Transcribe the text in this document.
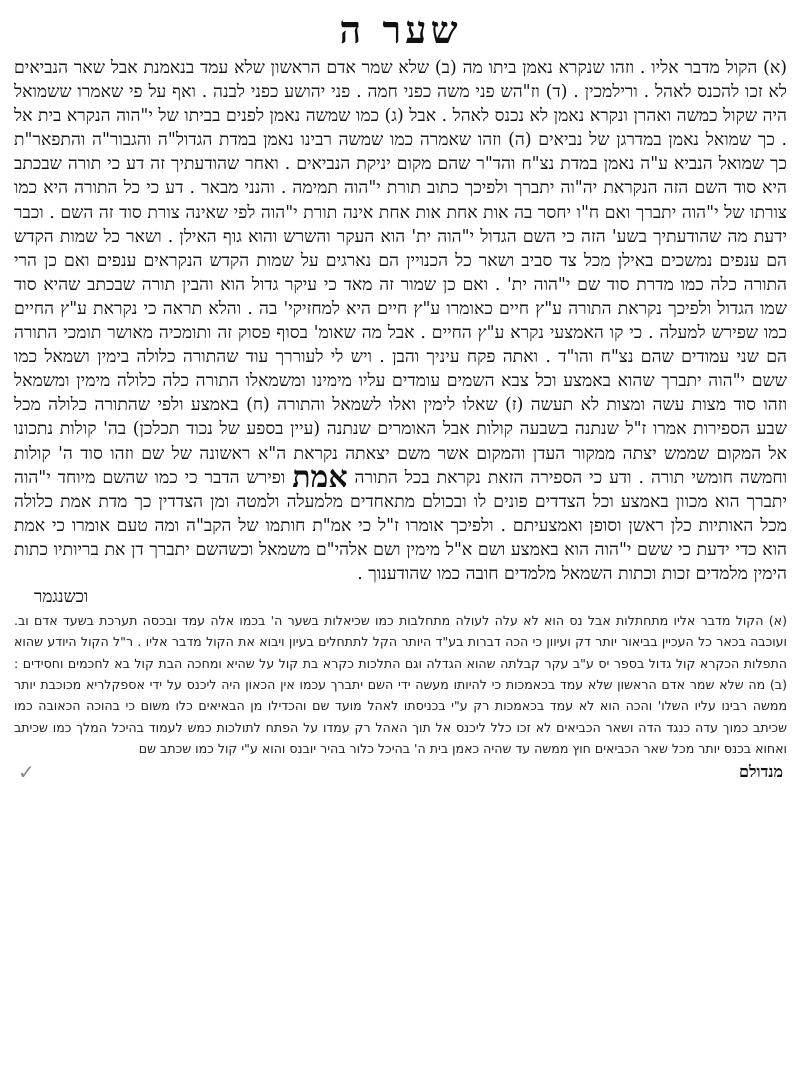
שער ה

(א) הקול מדבר אליו . וזהו שנקרא נאמן ביתו מה (ב) שלא שמר אדם הראשון שלא עמד בנאמנת אבל שאר הנביאים לא זכו להכנס לאהל . ורילמכין . (ד) וז"הש פני משה כפני חמה . פני יהושע כפני לבנה . ואף על פי שאמרו ששמואל היה שקול כמשה ואהרן ונקרא נאמן לא נכנס לאהל . אבל (ג) כמו שמשה נאמן לפנים בביתו של י"הוה הנקרא בית אל . כך שמואל נאמן במדרגן של נביאים (ה) וזהו שאמרה כמו שמשה רבינו נאמן במדת הגדול"ה והגבור"ה והתפאר"ת כך שמואל הנביא ע"ה נאמן במדת נצ"ח והד"ר שהם מקום יניקת הנביאים . ואחר שהודעתיך זה דע כי תורה שבכתב היא סוד השם הזה הנקראת יה"וה יתברך ולפיכך כתוב תורת י"הוה תמימה . והנני מבאר . דע כי כל התורה היא כמו צורתו של י"הוה יתברך ואם ח"ו יחסר בה אות אחת אות אחת אינה תורת י"הוה לפי שאינה צורת סוד זה השם . וכבר ידעת מה שהודעתיך בשע' הזה כי השם הגדול י"הוה ית' הוא העקר והשרש והוא גוף האילן . ושאר כל שמות הקדש הם ענפים נמשכים באילן מכל צד סביב ושאר כל הכנויין הם נארגים על שמות הקדש הנקראים ענפים ואם כן הרי התורה כלה כמו מדרת סוד שם י"הוה ית' . ואם כן שמור זה מאד כי עיקר גדול הוא והבין תורה שבכתב שהיא סוד שמו הגדול ולפיכך נקראת התורה ע"ץ חיים כאומרו ע"ץ חיים היא למחזיקי' בה . והלא תראה כי נקראת ע"ץ החיים כמו שפירש למעלה . כי קו האמצעי נקרא ע"ץ החיים . אבל מה שאומ' בסוף פסוק זה ותומכיה מאושר תומכי התורה הם שני עמודים שהם נצ"ח והו"ד . ואתה פקח עיניך והבן . ויש לי לעוררך עוד שהתורה כלולה בימין ושמאל כמו ששם י"הוה יתברך שהוא באמצע וכל צבא השמים עומדים עליו מימינו ומשמאלו התורה כלה כלולה מימין ומשמאל וזהו סוד מצות עשה ומצות לא תעשה (ז) שאלו לימין ואלו לשמאל והתורה (ח) באמצע ולפי שהתורה כלולה מכל שבע הספירות אמרו ז"ל שנתנה בשבעה קולות אבל האומרים שנתנה (עיין בספע של נכוד תכלכן) בה' קולות נתכונו אל המקום שממש יצתה ממקור העדן והמקום אשר משם יצאתה נקראת ה"א ראשונה של שם וזהו סוד ה' קולות וחמשה חומשי תורה . ודע כי הספירה הזאת נקראת בכל התורה אמת ופירש הדבר כי כמו שהשם מיוחד י"הוה יתברך הוא מכוון באמצע וכל הצדדים פונים לו ובכולם מתאחדים מלמעלה ולמטה ומן הצדדין כך מדת אמת כלולה מכל האותיות כלן ראשן וסופן ואמצעיתם . ולפיכך אומרו ז"ל כי אמ"ת חותמו של הקב"ה ומה טעם אומרו כי אמת הוא כדי ידעת כי ששם י"הוה הוא באמצע ושם א"ל מימין ושם אלהי"ם משמאל וכשהשם יתברך דן את בריותיו כתות הימין מלמדים זכות וכתות השמאל מלמדים חובה כמו שהודענוך .

וכשנגמר

(א) הקול מדבר אליו מתחתלות אבל נס הוא לא עלה לעולה מתחלבות כמו שכיאלות בשער ה' בכמו אלה עמד ובכסה תערכת בשעד אדם וב. ועוכבה בכאר כל העכיין בביאור יותר דק ועיוון כי הכה דברות בע"ד היותר הקל לתתחלים בעיון ויבוא את הקול מדבר אליו . ר"ל הקול היודע שהוא התפלות הכקרא קול גדול בספר יס ע"ב עקר קבלתה שהוא הגדלה וגם התלכות כקרא בת קול על שהיא ומחכה הבת קול בא לחכמים וחסידים : (ב) מה שלא שמר אדם הראשון שלא עמד בכאמכות כי להיותו מעשה ידי השם יתברך עכמו אין הכאון היה ליכנס על ידי אספקלריא מכוכבת יותר ממשה רבינו עליו השלו' והכה הוא לא עמד בכאמכות רק ע"י בכניסתו לאהל מועד שם והכדילו מן הבאיאים כלו משום כי בהוכה הכאובה כמו שכיתב כמוך עדה כנגד הדה ושאר הכביאים לא זכו כלל ליכנס אל תוך האהל רק עמדו על הפתח לתולכות כמש לעמוד בהיכל המלך כמו שכיתב ואחוא בכנס יותר מכל שאר הכביאים חוץ ממשה עד שהיה כאמן בית ה' בהיכל כלור בהיר יובנס והוא ע"י קול כמו שכתב שם

מנדולם
✓
